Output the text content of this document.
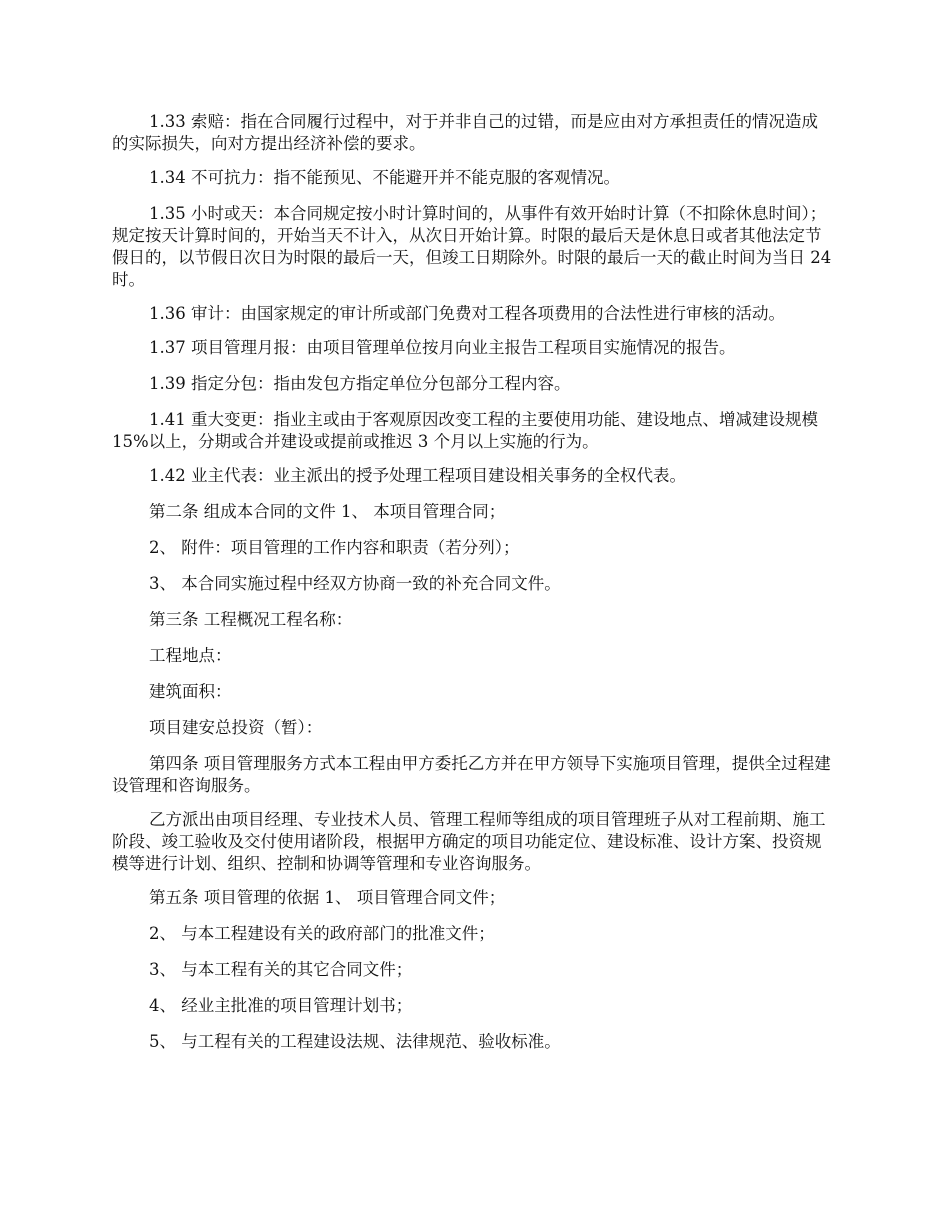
1.33 索赔：指在合同履行过程中，对于并非自己的过错，而是应由对方承担责任的情况造成的实际损失，向对方提出经济补偿的要求。

1.34 不可抗力：指不能预见、不能避开并不能克服的客观情况。

1.35 小时或天：本合同规定按小时计算时间的，从事件有效开始时计算（不扣除休息时间）；规定按天计算时间的，开始当天不计入，从次日开始计算。时限的最后天是休息日或者其他法定节假日的，以节假日次日为时限的最后一天，但竣工日期除外。时限的最后一天的截止时间为当日 24 时。

1.36 审计：由国家规定的审计所或部门免费对工程各项费用的合法性进行审核的活动。

1.37 项目管理月报：由项目管理单位按月向业主报告工程项目实施情况的报告。

1.39 指定分包：指由发包方指定单位分包部分工程内容。

1.41 重大变更：指业主或由于客观原因改变工程的主要使用功能、建设地点、增减建设规模 15%以上，分期或合并建设或提前或推迟 3 个月以上实施的行为。

1.42 业主代表：业主派出的授予处理工程项目建设相关事务的全权代表。

第二条 组成本合同的文件 1、 本项目管理合同；

2、 附件：项目管理的工作内容和职责（若分列）；

3、 本合同实施过程中经双方协商一致的补充合同文件。

第三条 工程概况工程名称：

工程地点：

建筑面积：

项目建安总投资（暂）：

第四条 项目管理服务方式本工程由甲方委托乙方并在甲方领导下实施项目管理，提供全过程建设管理和咨询服务。

乙方派出由项目经理、专业技术人员、管理工程师等组成的项目管理班子从对工程前期、施工阶段、竣工验收及交付使用诸阶段，根据甲方确定的项目功能定位、建设标准、设计方案、投资规模等进行计划、组织、控制和协调等管理和专业咨询服务。

第五条 项目管理的依据 1、 项目管理合同文件；

2、 与本工程建设有关的政府部门的批准文件；

3、 与本工程有关的其它合同文件；

4、 经业主批准的项目管理计划书；

5、 与工程有关的工程建设法规、法律规范、验收标准。
